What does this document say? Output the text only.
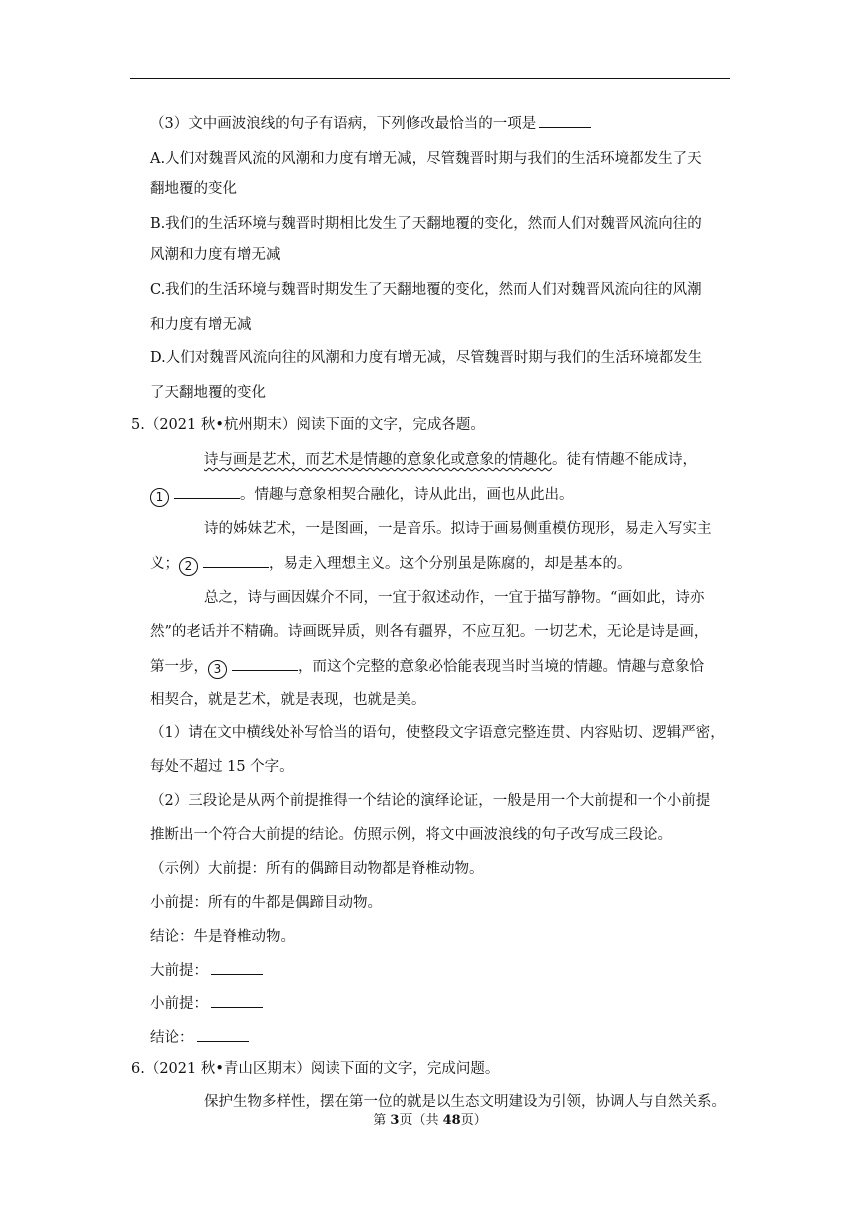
（3）文中画波浪线的句子有语病，下列修改最恰当的一项是
A.人们对魏晋风流的风潮和力度有增无减，尽管魏晋时期与我们的生活环境都发生了天
翻地覆的变化
B.我们的生活环境与魏晋时期相比发生了天翻地覆的变化，然而人们对魏晋风流向往的
风潮和力度有增无减
C.我们的生活环境与魏晋时期发生了天翻地覆的变化，然而人们对魏晋风流向往的风潮
和力度有增无减
D.人们对魏晋风流向往的风潮和力度有增无减，尽管魏晋时期与我们的生活环境都发生
了天翻地覆的变化
5.（2021 秋•杭州期末）阅读下面的文字，完成各题。
诗与画是艺术，而艺术是情趣的意象化或意象的情趣化。徒有情趣不能成诗，
1	。情趣与意象相契合融化，诗从此出，画也从此出。
诗的姊妹艺术，一是图画，一是音乐。拟诗于画易侧重模仿现形，易走入写实主
义； 2	，易走入理想主义。这个分别虽是陈腐的，却是基本的。
总之，诗与画因媒介不同，一宜于叙述动作，一宜于描写静物。“画如此，诗亦
然”的老话并不精确。诗画既异质，则各有疆界，不应互犯。一切艺术，无论是诗是画，
第一步， 3	，而这个完整的意象必恰能表现当时当境的情趣。情趣与意象恰
相契合，就是艺术，就是表现，也就是美。
（1）请在文中横线处补写恰当的语句，使整段文字语意完整连贯、内容贴切、逻辑严密，
每处不超过 15 个字。
（2）三段论是从两个前提推得一个结论的演绎论证，一般是用一个大前提和一个小前提
推断出一个符合大前提的结论。仿照示例，将文中画波浪线的句子改写成三段论。
（示例）大前提：所有的偶蹄目动物都是脊椎动物。
小前提：所有的牛都是偶蹄目动物。
结论：牛是脊椎动物。
大前提：
小前提：
结论：
6.（2021 秋•青山区期末）阅读下面的文字，完成问题。
保护生物多样性，摆在第一位的就是以生态文明建设为引领，协调人与自然关系。
第 3页（共 48页）
